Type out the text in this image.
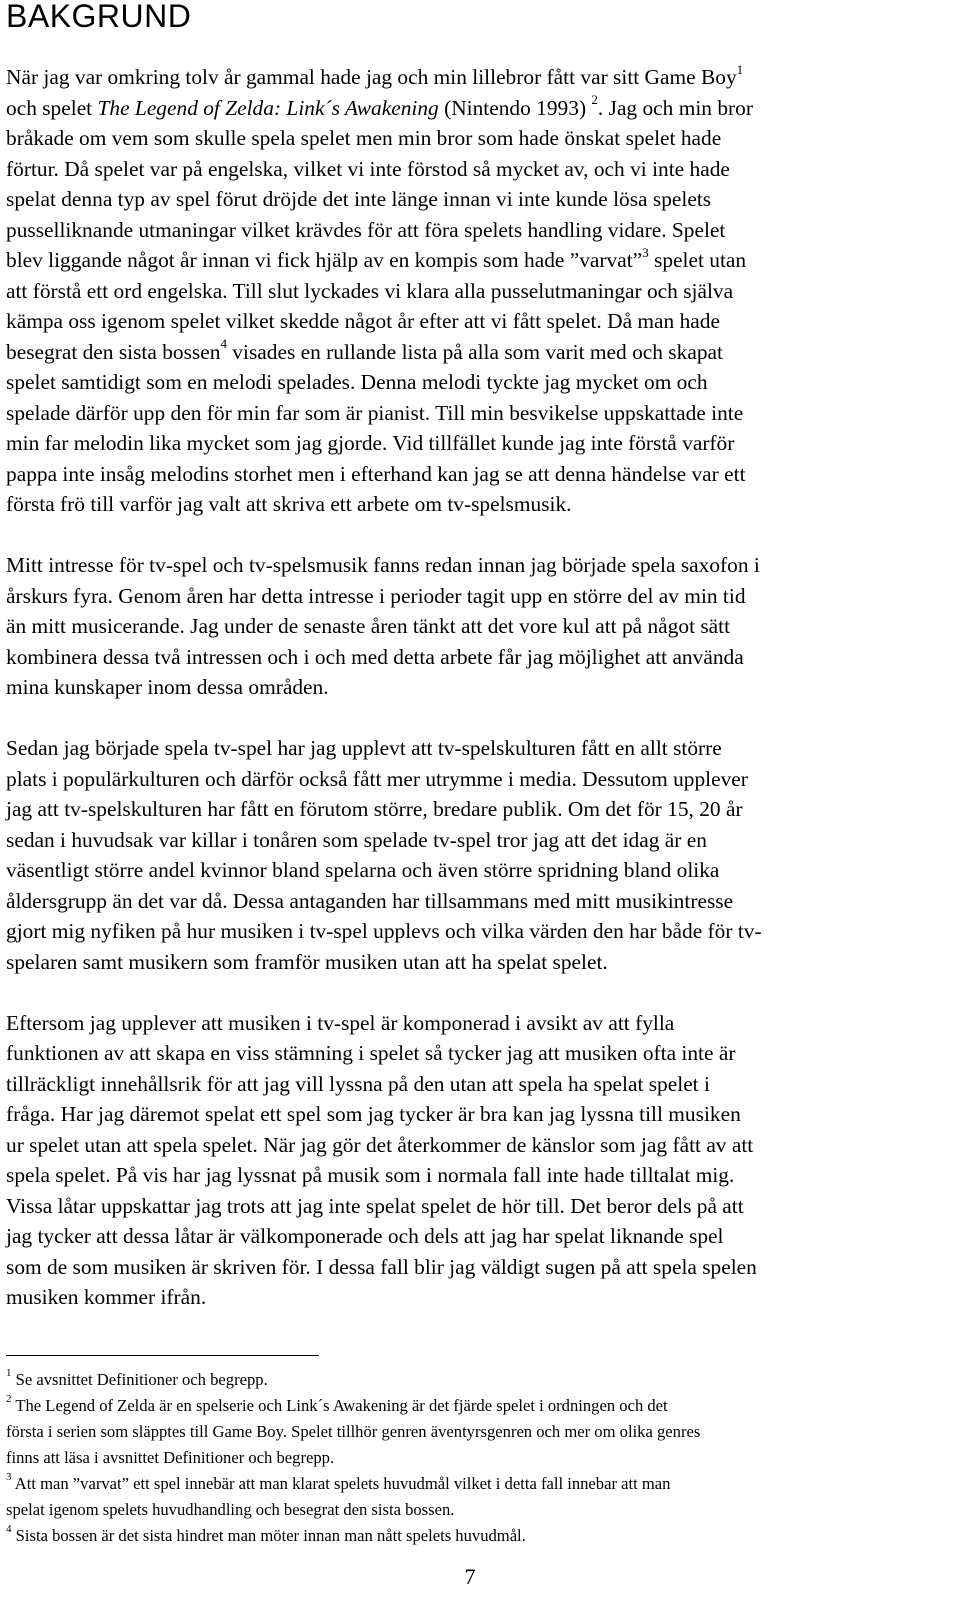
BAKGRUND

När jag var omkring tolv år gammal hade jag och min lillebror fått var sitt Game Boy$^1$
och spelet The Legend of Zelda: Link´s Awakening (Nintendo 1993) $^2$. Jag och min bror
bråkade om vem som skulle spela spelet men min bror som hade önskat spelet hade
förtur. Då spelet var på engelska, vilket vi inte förstod så mycket av, och vi inte hade
spelat denna typ av spel förut dröjde det inte länge innan vi inte kunde lösa spelets
pusselliknande utmaningar vilket krävdes för att föra spelets handling vidare. Spelet
blev liggande något år innan vi fick hjälp av en kompis som hade ”varvat”$^3$ spelet utan
att förstå ett ord engelska. Till slut lyckades vi klara alla pusselutmaningar och själva
kämpa oss igenom spelet vilket skedde något år efter att vi fått spelet. Då man hade
besegrat den sista bossen$^4$ visades en rullande lista på alla som varit med och skapat
spelet samtidigt som en melodi spelades. Denna melodi tyckte jag mycket om och
spelade därför upp den för min far som är pianist. Till min besvikelse uppskattade inte
min far melodin lika mycket som jag gjorde. Vid tillfället kunde jag inte förstå varför
pappa inte insåg melodins storhet men i efterhand kan jag se att denna händelse var ett
första frö till varför jag valt att skriva ett arbete om tv-spelsmusik.

Mitt intresse för tv-spel och tv-spelsmusik fanns redan innan jag började spela saxofon i
årskurs fyra. Genom åren har detta intresse i perioder tagit upp en större del av min tid
än mitt musicerande. Jag under de senaste åren tänkt att det vore kul att på något sätt
kombinera dessa två intressen och i och med detta arbete får jag möjlighet att använda
mina kunskaper inom dessa områden.

Sedan jag började spela tv-spel har jag upplevt att tv-spelskulturen fått en allt större
plats i populärkulturen och därför också fått mer utrymme i media. Dessutom upplever
jag att tv-spelskulturen har fått en förutom större, bredare publik. Om det för 15, 20 år
sedan i huvudsak var killar i tonåren som spelade tv-spel tror jag att det idag är en
väsentligt större andel kvinnor bland spelarna och även större spridning bland olika
åldersgrupp än det var då. Dessa antaganden har tillsammans med mitt musikintresse
gjort mig nyfiken på hur musiken i tv-spel upplevs och vilka värden den har både för tv-
spelaren samt musikern som framför musiken utan att ha spelat spelet.

Eftersom jag upplever att musiken i tv-spel är komponerad i avsikt av att fylla
funktionen av att skapa en viss stämning i spelet så tycker jag att musiken ofta inte är
tillräckligt innehållsrik för att jag vill lyssna på den utan att spela ha spelat spelet i
fråga. Har jag däremot spelat ett spel som jag tycker är bra kan jag lyssna till musiken
ur spelet utan att spela spelet. När jag gör det återkommer de känslor som jag fått av att
spela spelet. På vis har jag lyssnat på musik som i normala fall inte hade tilltalat mig.
Vissa låtar uppskattar jag trots att jag inte spelat spelet de hör till. Det beror dels på att
jag tycker att dessa låtar är välkomponerade och dels att jag har spelat liknande spel
som de som musiken är skriven för. I dessa fall blir jag väldigt sugen på att spela spelen
musiken kommer ifrån.

$^1$ Se avsnittet Definitioner och begrepp.
$^2$ The Legend of Zelda är en spelserie och Link´s Awakening är det fjärde spelet i ordningen och det
första i serien som släpptes till Game Boy. Spelet tillhör genren äventyrsgenren och mer om olika genres
finns att läsa i avsnittet Definitioner och begrepp.
$^3$ Att man ”varvat” ett spel innebär att man klarat spelets huvudmål vilket i detta fall innebar att man
spelat igenom spelets huvudhandling och besegrat den sista bossen.
$^4$ Sista bossen är det sista hindret man möter innan man nått spelets huvudmål.
7
